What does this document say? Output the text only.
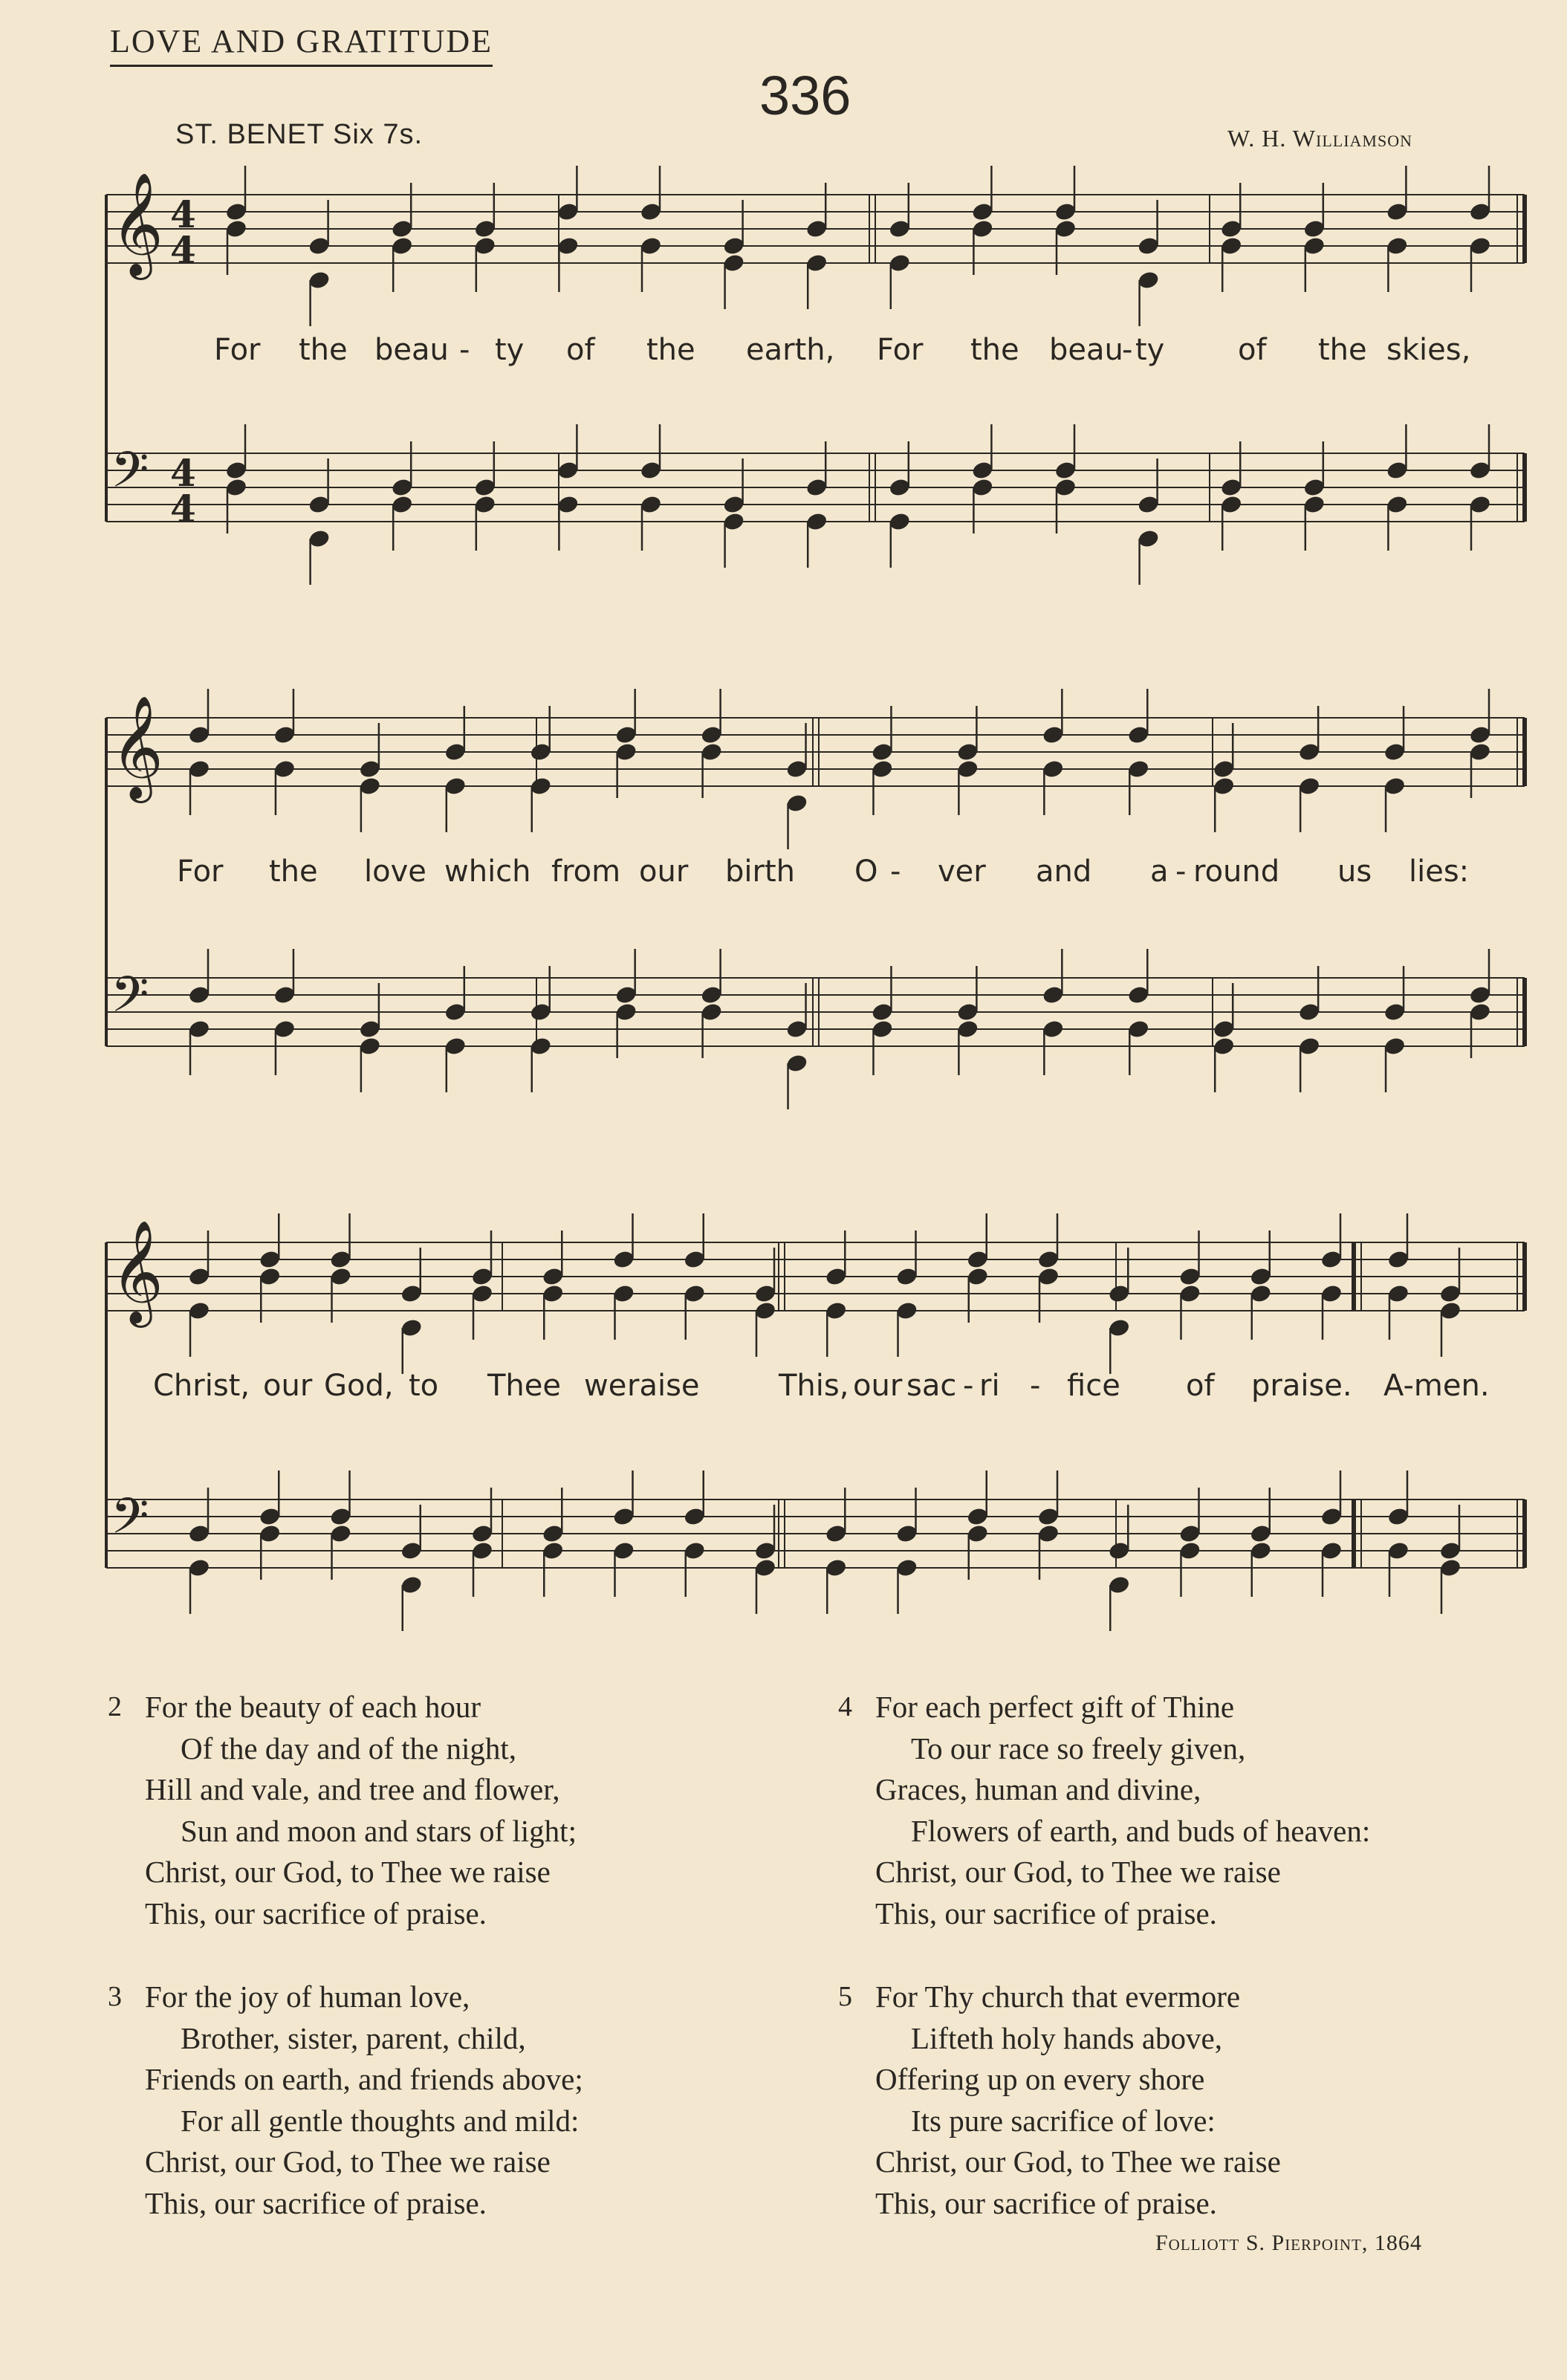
LOVE AND GRATITUDE
336
ST. BENET Six 7s.	W. H. Williamson
𝄞 4
4
𝄢 4
4
𝄞
𝄢
𝄞
𝄢
For the beau - ty of the earth, For the beau
- ty of the skies,
For the love which from our birth O - ver and a - round us lies:
Christ, our God, to Thee we raise	This, our sac - ri - fice of praise. A-men.
2 For the beauty of each hour
Of the day and of the night,
Hill and vale, and tree and flower,
Sun and moon and stars of light;
Christ, our God, to Thee we raise
This, our sacrifice of praise.
3 For the joy of human love,
Brother, sister, parent, child,
Friends on earth, and friends above;
For all gentle thoughts and mild:
Christ, our God, to Thee we raise
This, our sacrifice of praise.
4 For each perfect gift of Thine
To our race so freely given,
Graces, human and divine,
Flowers of earth, and buds of heaven:
Christ, our God, to Thee we raise
This, our sacrifice of praise.
5 For Thy church that evermore
Lifteth holy hands above,
Offering up on every shore
Its pure sacrifice of love:
Christ, our God, to Thee we raise
This, our sacrifice of praise.
Folliott S. Pierpoint, 1864
